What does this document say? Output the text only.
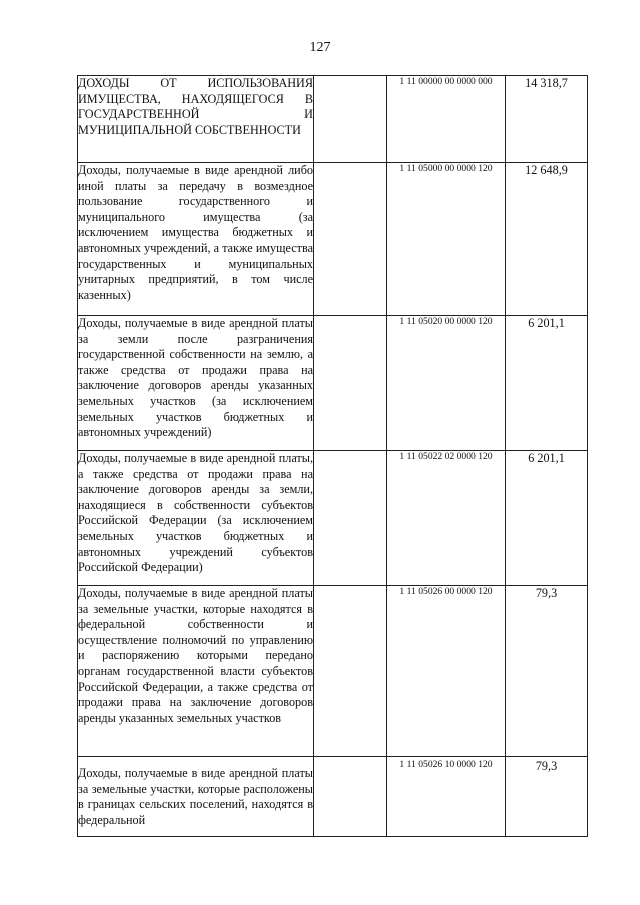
127
ДОХОДЫ ОТ ИСПОЛЬЗОВАНИЯ ИМУЩЕСТВА, НАХОДЯЩЕГОСЯ В ГОСУДАРСТВЕННОЙ И МУНИЦИПАЛЬНОЙ СОБСТВЕННОСТИ		1 11 00000 00 0000 000	14 318,7

Доходы, получаемые в виде арендной либо иной платы за передачу в возмездное пользование государственного и муниципального имущества (за исключением имущества бюджетных и автономных учреждений, а также имущества государственных и муниципальных унитарных предприятий, в том числе казенных)		1 11 05000 00 0000 120	12 648,9

Доходы, получаемые в виде арендной платы за земли после разграничения государственной собственности на землю, а также средства от продажи права на заключение договоров аренды указанных земельных участков (за исключением земельных участков бюджетных и автономных учреждений)		1 11 05020 00 0000 120	6 201,1

Доходы, получаемые в виде арендной платы, а также средства от продажи права на заключение договоров аренды за земли, находящиеся в собственности субъектов Российской Федерации (за исключением земельных участков бюджетных и автономных учреждений субъектов Российской Федерации)		1 11 05022 02 0000 120	6 201,1

Доходы, получаемые в виде арендной платы за земельные участки, которые находятся в федеральной собственности и осуществление полномочий по управлению и распоряжению которыми передано органам государственной власти субъектов Российской Федерации, а также средства от продажи права на заключение договоров аренды указанных земельных участков		1 11 05026 00 0000 120	79,3

Доходы, получаемые в виде арендной платы за земельные участки, которые расположены в границах сельских поселений, находятся в федеральной		1 11 05026 10 0000 120	79,3
